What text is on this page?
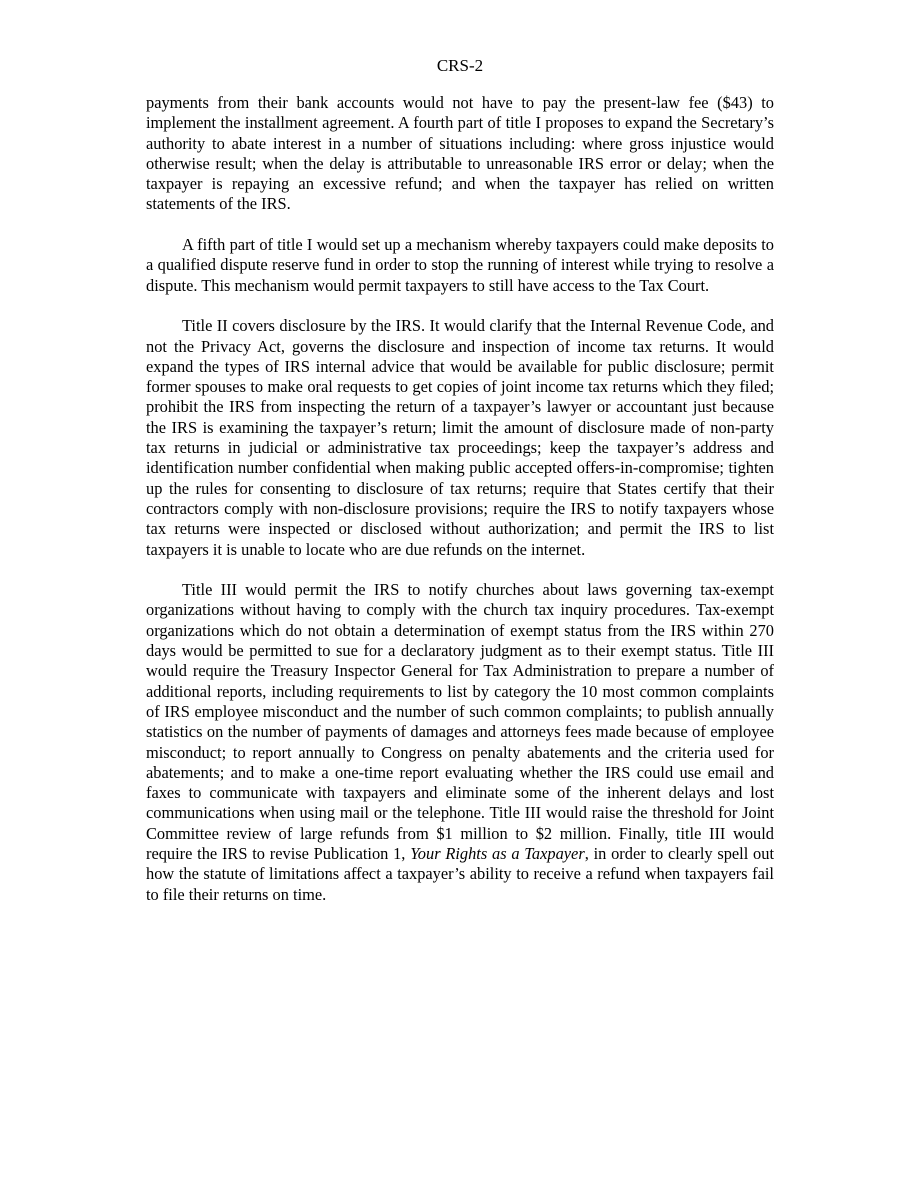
CRS-2

payments from their bank accounts would not have to pay the present-law fee ($43) to implement the installment agreement. A fourth part of title I proposes to expand the Secretary’s authority to abate interest in a number of situations including: where gross injustice would otherwise result; when the delay is attributable to unreasonable IRS error or delay; when the taxpayer is repaying an excessive refund; and when the taxpayer has relied on written statements of the IRS.

A fifth part of title I would set up a mechanism whereby taxpayers could make deposits to a qualified dispute reserve fund in order to stop the running of interest while trying to resolve a dispute. This mechanism would permit taxpayers to still have access to the Tax Court.

Title II covers disclosure by the IRS. It would clarify that the Internal Revenue Code, and not the Privacy Act, governs the disclosure and inspection of income tax returns. It would expand the types of IRS internal advice that would be available for public disclosure; permit former spouses to make oral requests to get copies of joint income tax returns which they filed; prohibit the IRS from inspecting the return of a taxpayer’s lawyer or accountant just because the IRS is examining the taxpayer’s return; limit the amount of disclosure made of non-party tax returns in judicial or administrative tax proceedings; keep the taxpayer’s address and identification number confidential when making public accepted offers-in-compromise; tighten up the rules for consenting to disclosure of tax returns; require that States certify that their contractors comply with non-disclosure provisions; require the IRS to notify taxpayers whose tax returns were inspected or disclosed without authorization; and permit the IRS to list taxpayers it is unable to locate who are due refunds on the internet.

Title III would permit the IRS to notify churches about laws governing tax-exempt organizations without having to comply with the church tax inquiry procedures. Tax-exempt organizations which do not obtain a determination of exempt status from the IRS within 270 days would be permitted to sue for a declaratory judgment as to their exempt status. Title III would require the Treasury Inspector General for Tax Administration to prepare a number of additional reports, including requirements to list by category the 10 most common complaints of IRS employee misconduct and the number of such common complaints; to publish annually statistics on the number of payments of damages and attorneys fees made because of employee misconduct; to report annually to Congress on penalty abatements and the criteria used for abatements; and to make a one-time report evaluating whether the IRS could use email and faxes to communicate with taxpayers and eliminate some of the inherent delays and lost communications when using mail or the telephone. Title III would raise the threshold for Joint Committee review of large refunds from $1 million to $2 million. Finally, title III would require the IRS to revise Publication 1, Your Rights as a Taxpayer, in order to clearly spell out how the statute of limitations affect a taxpayer’s ability to receive a refund when taxpayers fail to file their returns on time.
